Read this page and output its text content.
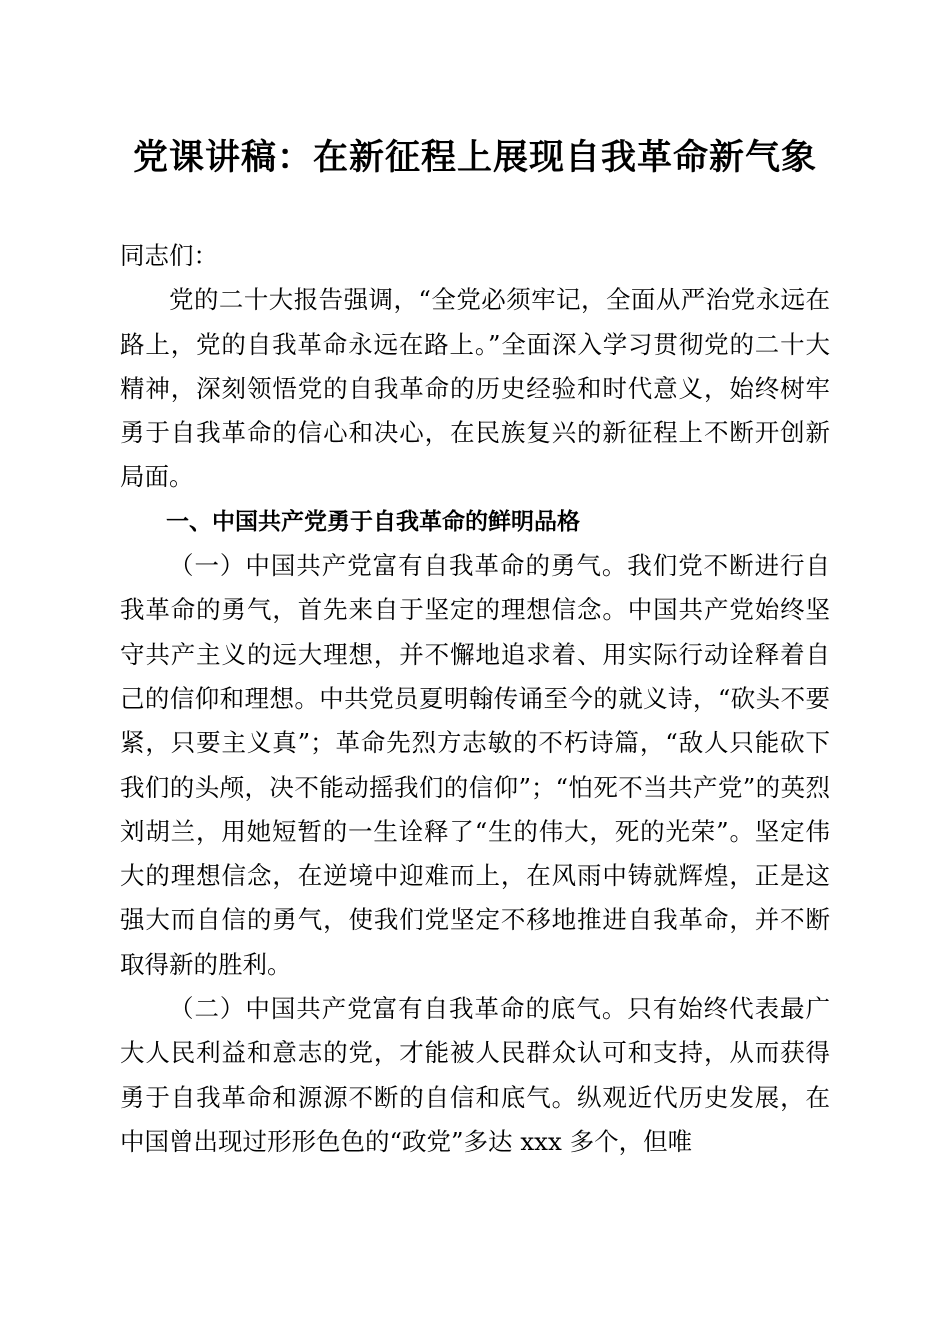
党课讲稿：在新征程上展现自我革命新气象

同志们：

党的二十大报告强调，“全党必须牢记，全面从严治党永远在路上，党的自我革命永远在路上。”全面深入学习贯彻党的二十大精神，深刻领悟党的自我革命的历史经验和时代意义，始终树牢勇于自我革命的信心和决心，在民族复兴的新征程上不断开创新局面。

一、中国共产党勇于自我革命的鲜明品格

（一）中国共产党富有自我革命的勇气。我们党不断进行自我革命的勇气，首先来自于坚定的理想信念。中国共产党始终坚守共产主义的远大理想，并不懈地追求着、用实际行动诠释着自己的信仰和理想。中共党员夏明翰传诵至今的就义诗，“砍头不要紧，只要主义真”；革命先烈方志敏的不朽诗篇，“敌人只能砍下我们的头颅，决不能动摇我们的信仰”；“怕死不当共产党”的英烈刘胡兰，用她短暂的一生诠释了“生的伟大，死的光荣”。坚定伟大的理想信念，在逆境中迎难而上，在风雨中铸就辉煌，正是这强大而自信的勇气，使我们党坚定不移地推进自我革命，并不断取得新的胜利。

（二）中国共产党富有自我革命的底气。只有始终代表最广大人民利益和意志的党，才能被人民群众认可和支持，从而获得勇于自我革命和源源不断的自信和底气。纵观近代历史发展，在中国曾出现过形形色色的“政党”多达 xxx 多个，但唯
